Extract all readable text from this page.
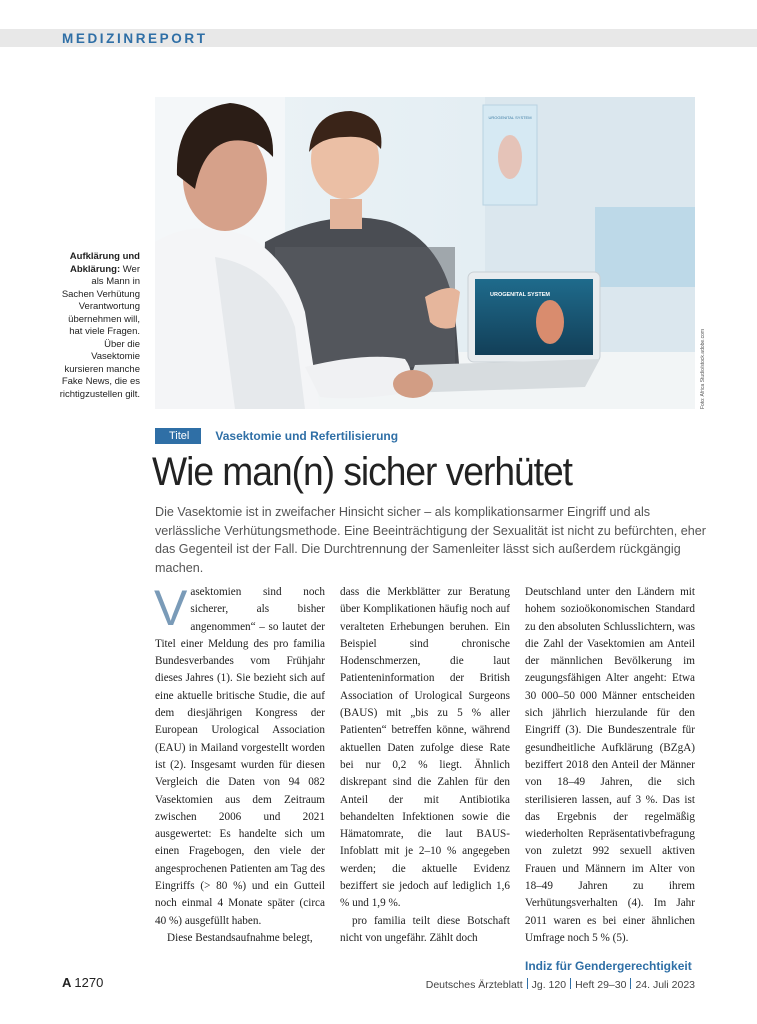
MEDIZINREPORT
UROGENITAL SYSTEM
UROGENITAL SYSTEM
Foto: Africa Studio/stock.adobe.com
Aufklärung und Abklärung: Wer als Mann in Sachen Verhütung Verantwortung übernehmen will, hat viele Fragen. Über die Vasektomie kursieren manche Fake News, die es richtigzustellen gilt.
Titel Vasektomie und Refertilisierung
Wie man(n) sicher verhütet
Die Vasektomie ist in zweifacher Hinsicht sicher – als komplikationsarmer Eingriff und als verlässliche Verhütungsmethode. Eine Beeinträchtigung der Sexualität ist nicht zu befürchten, eher das Gegenteil ist der Fall. Die Durchtrennung der Samenleiter lässt sich außerdem rückgängig machen.

Vasektomien sind noch sicherer, als bisher angenommen“ – so lautet der Titel einer Meldung des pro familia Bundesverbandes vom Frühjahr dieses Jahres (1). Sie bezieht sich auf eine aktuelle britische Studie, die auf dem diesjährigen Kongress der European Urological Association (EAU) in Mailand vorgestellt worden ist (2). Insgesamt wurden für diesen Vergleich die Daten von 94 082 Vasektomien aus dem Zeitraum zwischen 2006 und 2021 ausgewertet: Es handelte sich um einen Fragebogen, den viele der angesprochenen Patienten am Tag des Eingriffs (> 80 %) und ein Gutteil noch einmal 4 Monate später (circa 40 %) ausgefüllt haben.

Diese Bestandsaufnahme belegt,

dass die Merkblätter zur Beratung über Komplikationen häufig noch auf veralteten Erhebungen beruhen. Ein Beispiel sind chronische Hodenschmerzen, die laut Patienteninformation der British Association of Urological Surgeons (BAUS) mit „bis zu 5 % aller Patienten“ betreffen könne, während aktuellen Daten zufolge diese Rate bei nur 0,2 % liegt. Ähnlich diskrepant sind die Zahlen für den Anteil der mit Antibiotika behandelten Infektionen sowie die Hämatomrate, die laut BAUS-Infoblatt mit je 2–10 % angegeben werden; die aktuelle Evidenz beziffert sie jedoch auf lediglich 1,6 % und 1,9 %.

pro familia teilt diese Botschaft nicht von ungefähr. Zählt doch

Deutschland unter den Ländern mit hohem sozioökonomischen Standard zu den absoluten Schlusslichtern, was die Zahl der Vasektomien am Anteil der männlichen Bevölkerung im zeugungsfähigen Alter angeht: Etwa 30 000–50 000 Männer entscheiden sich jährlich hierzulande für den Eingriff (3). Die Bundeszentrale für gesundheitliche Aufklärung (BZgA) beziffert 2018 den Anteil der Männer von 18–49 Jahren, die sich sterilisieren lassen, auf 3 %. Das ist das Ergebnis der regelmäßig wiederholten Repräsentativbefragung von zuletzt 992 sexuell aktiven Frauen und Männern im Alter von 18–49 Jahren zu ihrem Verhütungsverhalten (4). Im Jahr 2011 waren es bei einer ähnlichen Umfrage noch 5 % (5).

Indiz für Gendergerechtigkeit

A 1270	Deutsches Ärzteblatt Jg. 120 Heft 29–30 24. Juli 2023
